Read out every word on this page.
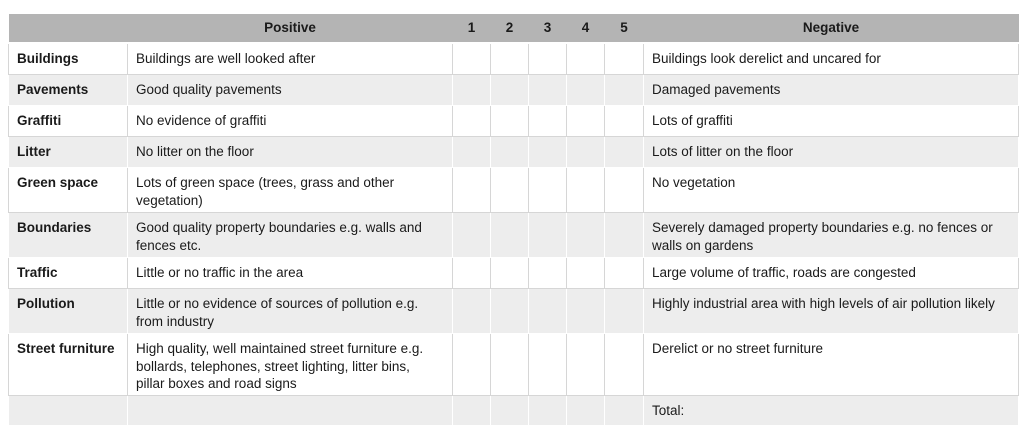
	Positive	1	2	3	4	5	Negative
Buildings	Buildings are well looked after						Buildings look derelict and uncared for
Pavements	Good quality pavements						Damaged pavements
Graffiti	No evidence of graffiti						Lots of graffiti
Litter	No litter on the floor						Lots of litter on the floor
Green space	Lots of green space (trees, grass and other vegetation)						No vegetation
Boundaries	Good quality property boundaries e.g. walls and fences etc.						Severely damaged property boundaries e.g. no fences or walls on gardens
Traffic	Little or no traffic in the area						Large volume of traffic, roads are congested
Pollution	Little or no evidence of sources of pollution e.g. from industry						Highly industrial area with high levels of air pollution likely
Street furniture	High quality, well maintained street furniture e.g. bollards, telephones, street lighting, litter bins, pillar boxes and road signs						Derelict or no street furniture
							Total:
